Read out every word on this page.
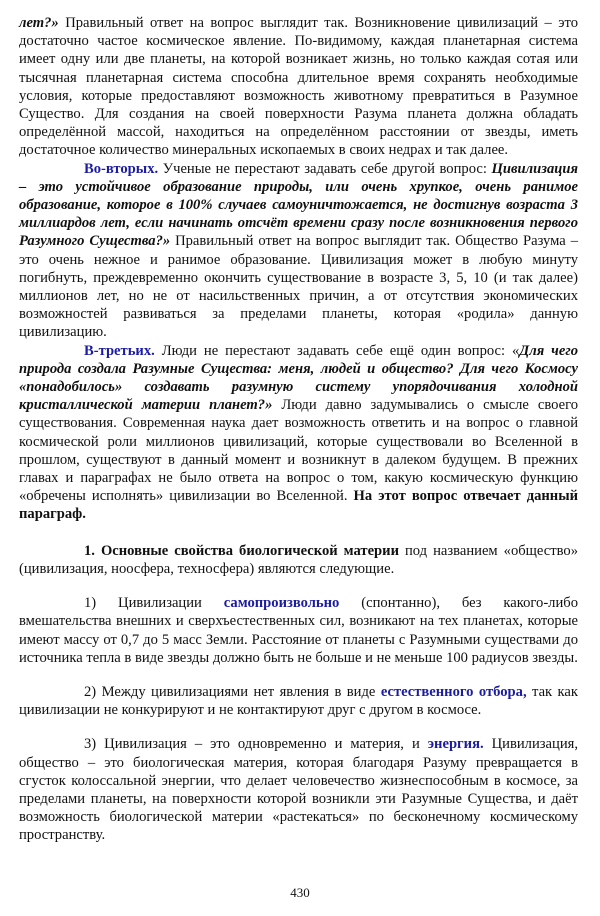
лет?» Правильный ответ на вопрос выглядит так. Возникновение цивилизаций – это достаточно частое космическое явление. По-видимому, каждая планетарная система имеет одну или две планеты, на которой возникает жизнь, но только каждая сотая или тысячная планетарная система способна длительное время сохранять необходимые условия, которые предоставляют возможность животному превратиться в Разумное Существо. Для создания на своей поверхности Разума планета должна обладать определённой массой, находиться на определённом расстоянии от звезды, иметь достаточное количество минеральных ископаемых в своих недрах и так далее.

Во-вторых. Ученые не перестают задавать себе другой вопрос: Цивилизация – это устойчивое образование природы, или очень хрупкое, очень ранимое образование, которое в 100% случаев самоуничтожается, не достигнув возраста 3 миллиардов лет, если начинать отсчёт времени сразу после возникновения первого Разумного Существа?» Правильный ответ на вопрос выглядит так. Общество Разума – это очень нежное и ранимое образование. Цивилизация может в любую минуту погибнуть, преждевременно окончить существование в возрасте 3, 5, 10 (и так далее) миллионов лет, но не от насильственных причин, а от отсутствия экономических возможностей развиваться за пределами планеты, которая «родила» данную цивилизацию.

В-третьих. Люди не перестают задавать себе ещё один вопрос: «Для чего природа создала Разумные Существа: меня, людей и общество? Для чего Космосу «понадобилось» создавать разумную систему упорядочивания холодной кристаллической материи планет?» Люди давно задумывались о смысле своего существования. Современная наука дает возможность ответить и на вопрос о главной космической роли миллионов цивилизаций, которые существовали во Вселенной в прошлом, существуют в данный момент и возникнут в далеком будущем. В прежних главах и параграфах не было ответа на вопрос о том, какую космическую функцию «обречены исполнять» цивилизации во Вселенной. На этот вопрос отвечает данный параграф.

1. Основные свойства биологической материи под названием «общество» (цивилизация, ноосфера, техносфера) являются следующие.

1) Цивилизации самопроизвольно (спонтанно), без какого-либо вмешательства внешних и сверхъестественных сил, возникают на тех планетах, которые имеют массу от 0,7 до 5 масс Земли. Расстояние от планеты с Разумными существами до источника тепла в виде звезды должно быть не больше и не меньше 100 радиусов звезды.

2) Между цивилизациями нет явления в виде естественного отбора, так как цивилизации не конкурируют и не контактируют друг с другом в космосе.

3) Цивилизация – это одновременно и материя, и энергия. Цивилизация, общество – это биологическая материя, которая благодаря Разуму превращается в сгусток колоссальной энергии, что делает человечество жизнеспособным в космосе, за пределами планеты, на поверхности которой возникли эти Разумные Существа, и даёт возможность биологической материи «растекаться» по бесконечному космическому пространству.

430
